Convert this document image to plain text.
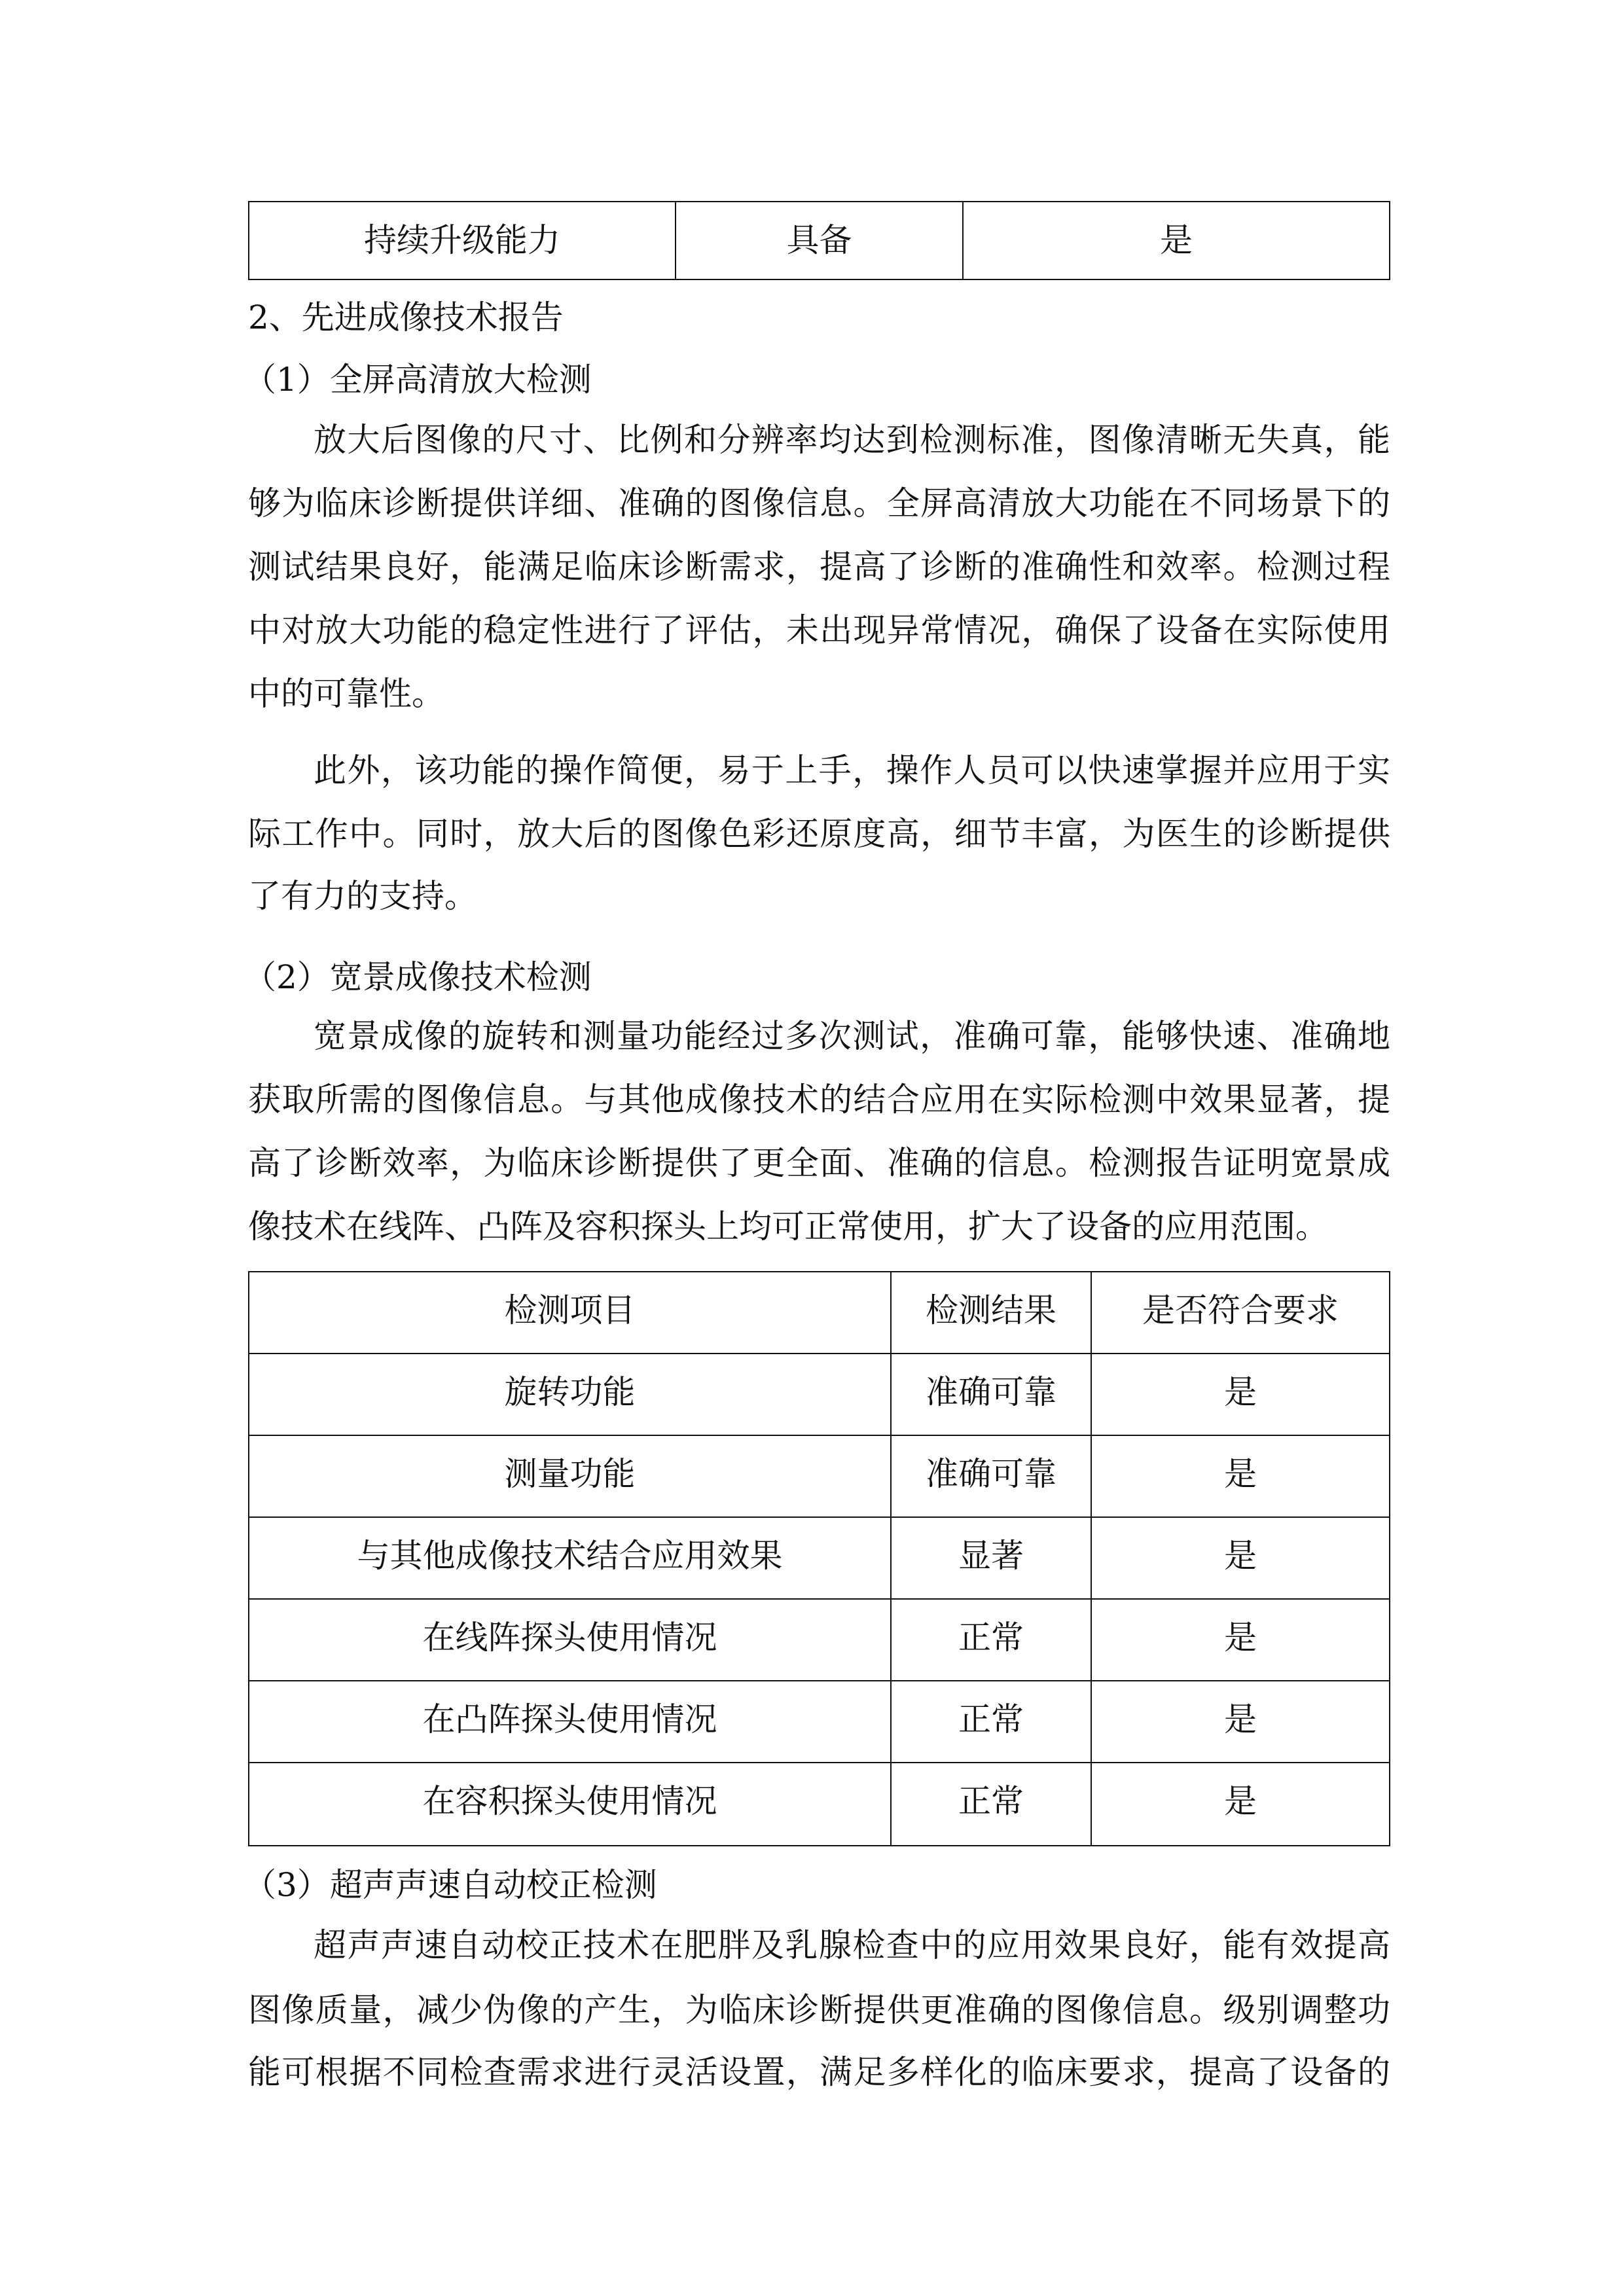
持续升级能力	具备	是
2、先进成像技术报告
（1）全屏高清放大检测
放大后图像的尺寸、比例和分辨率均达到检测标准，图像清晰无失真，能
够为临床诊断提供详细、准确的图像信息。全屏高清放大功能在不同场景下的
测试结果良好，能满足临床诊断需求，提高了诊断的准确性和效率。检测过程
中对放大功能的稳定性进行了评估，未出现异常情况，确保了设备在实际使用
中的可靠性。
此外，该功能的操作简便，易于上手，操作人员可以快速掌握并应用于实
际工作中。同时，放大后的图像色彩还原度高，细节丰富，为医生的诊断提供
了有力的支持。
（2）宽景成像技术检测
宽景成像的旋转和测量功能经过多次测试，准确可靠，能够快速、准确地
获取所需的图像信息。与其他成像技术的结合应用在实际检测中效果显著，提
高了诊断效率，为临床诊断提供了更全面、准确的信息。检测报告证明宽景成
像技术在线阵、凸阵及容积探头上均可正常使用，扩大了设备的应用范围。
检测项目	检测结果	是否符合要求
旋转功能	准确可靠	是
测量功能	准确可靠	是
与其他成像技术结合应用效果	显著	是
在线阵探头使用情况	正常	是
在凸阵探头使用情况	正常	是
在容积探头使用情况	正常	是
（3）超声声速自动校正检测
超声声速自动校正技术在肥胖及乳腺检查中的应用效果良好，能有效提高
图像质量，减少伪像的产生，为临床诊断提供更准确的图像信息。级别调整功
能可根据不同检查需求进行灵活设置，满足多样化的临床要求，提高了设备的
